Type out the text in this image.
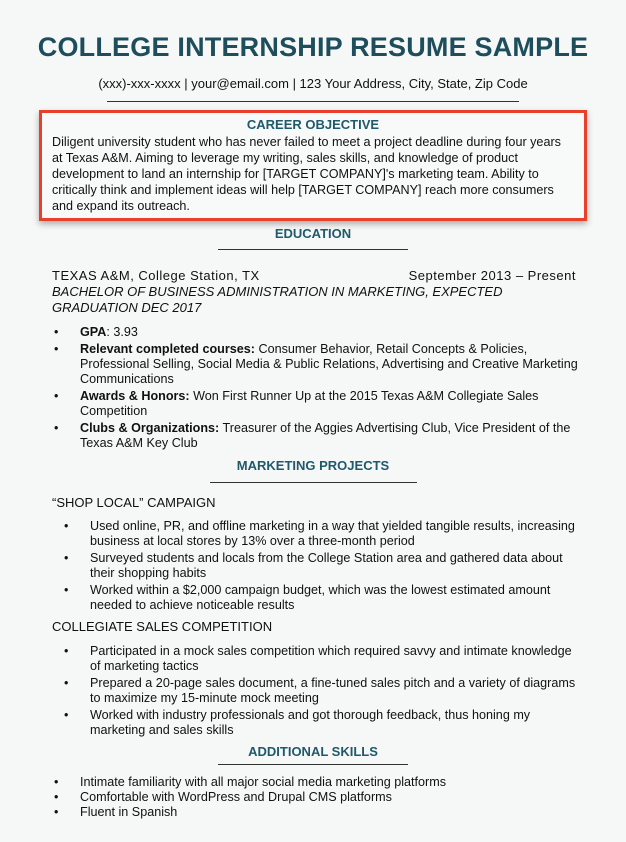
COLLEGE INTERNSHIP RESUME SAMPLE
(xxx)-xxx-xxxx | your@email.com | 123 Your Address, City, State, Zip Code
CAREER OBJECTIVE
Diligent university student who has never failed to meet a project deadline during four years at Texas A&M. Aiming to leverage my writing, sales skills, and knowledge of product development to land an internship for [TARGET COMPANY]'s marketing team. Ability to critically think and implement ideas will help [TARGET COMPANY] reach more consumers and expand its outreach.
EDUCATION
TEXAS A&M, College Station, TX	September 2013 – Present
BACHELOR OF BUSINESS ADMINISTRATION IN MARKETING, EXPECTED GRADUATION DEC 2017
• GPA: 3.93
• Relevant completed courses: Consumer Behavior, Retail Concepts & Policies, Professional Selling, Social Media & Public Relations, Advertising and Creative Marketing Communications
• Awards & Honors: Won First Runner Up at the 2015 Texas A&M Collegiate Sales Competition
• Clubs & Organizations: Treasurer of the Aggies Advertising Club, Vice President of the Texas A&M Key Club
MARKETING PROJECTS
“SHOP LOCAL” CAMPAIGN
• Used online, PR, and offline marketing in a way that yielded tangible results, increasing business at local stores by 13% over a three-month period
• Surveyed students and locals from the College Station area and gathered data about their shopping habits
• Worked within a $2,000 campaign budget, which was the lowest estimated amount needed to achieve noticeable results
COLLEGIATE SALES COMPETITION
• Participated in a mock sales competition which required savvy and intimate knowledge of marketing tactics
• Prepared a 20-page sales document, a fine-tuned sales pitch and a variety of diagrams to maximize my 15-minute mock meeting
• Worked with industry professionals and got thorough feedback, thus honing my marketing and sales skills
ADDITIONAL SKILLS
• Intimate familiarity with all major social media marketing platforms
• Comfortable with WordPress and Drupal CMS platforms
• Fluent in Spanish
